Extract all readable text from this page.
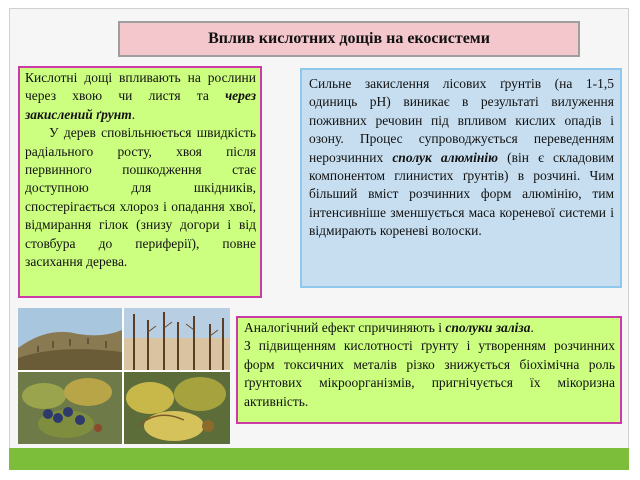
Вплив кислотних дощів на екосистеми

Кислотні дощі впливають на рослини через хвою чи листя та через закислений ґрунт.

У дерев сповільнюється швидкість радіального росту, хвоя після первинного пошкодження стає доступною для шкідників, спостерігається хлороз і опадання хвої, відмирання гілок (знизу догори і від стовбура до периферії), повне засихання дерева.

Сильне закислення лісових ґрунтів (на 1-1,5 одиниць рН) виникає в результаті вилуження поживних речовин під впливом кислих опадів і озону. Процес супроводжується переведенням нерозчинних сполук алюмінію (він є складовим компонентом глинистих ґрунтів) в розчині. Чим більший вміст розчинних форм алюмінію, тим інтенсивніше зменшується маса кореневої системи і відмирають кореневі волоски.

Аналогічний ефект спричиняють і сполуки заліза.

З підвищенням кислотності ґрунту і утворенням розчинних форм токсичних металів різко знижується біохімічна роль ґрунтових мікроорганізмів, пригнічується їх мікоризна активність.
